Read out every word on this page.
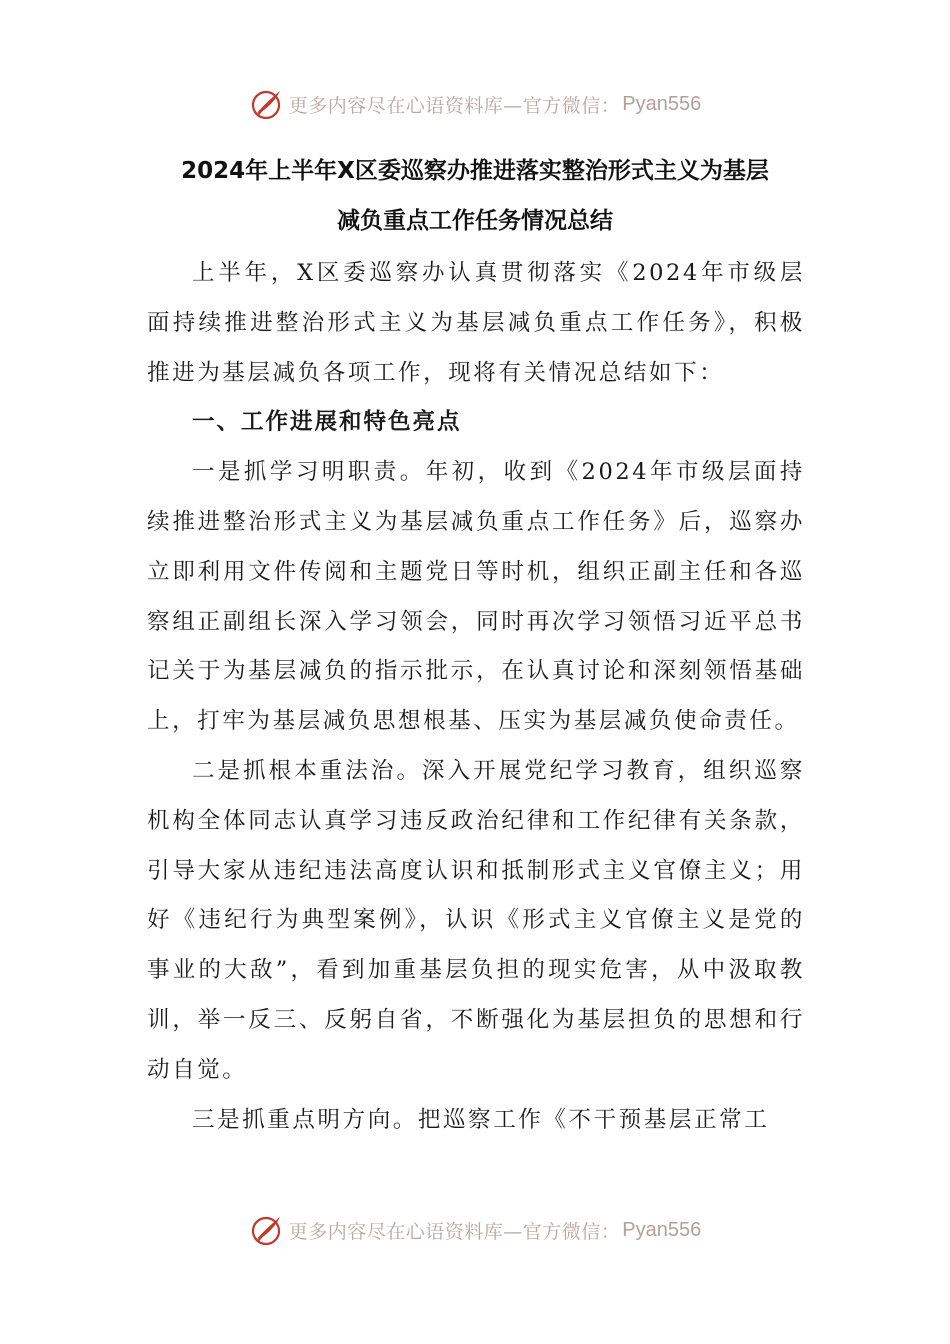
更多内容尽在心语资料库—官方微信： Pyan556
2024年上半年X区委巡察办推进落实整治形式主义为基层
减负重点工作任务情况总结

上半年，X区委巡察办认真贯彻落实《2024年市级层面持续推进整治形式主义为基层减负重点工作任务》，积极推进为基层减负各项工作，现将有关情况总结如下：

一、工作进展和特色亮点

一是抓学习明职责。年初，收到《2024年市级层面持续推进整治形式主义为基层减负重点工作任务》后，巡察办立即利用文件传阅和主题党日等时机，组织正副主任和各巡察组正副组长深入学习领会，同时再次学习领悟习近平总书记关于为基层减负的指示批示，在认真讨论和深刻领悟基础上，打牢为基层减负思想根基、压实为基层减负使命责任。

二是抓根本重法治。深入开展党纪学习教育，组织巡察机构全体同志认真学习违反政治纪律和工作纪律有关条款，引导大家从违纪违法高度认识和抵制形式主义官僚主义；用好《违纪行为典型案例》，认识《形式主义官僚主义是党的事业的大敌”，看到加重基层负担的现实危害，从中汲取教训，举一反三、反躬自省，不断强化为基层担负的思想和行动自觉。

三是抓重点明方向。把巡察工作《不干预基层正常工

更多内容尽在心语资料库—官方微信： Pyan556
